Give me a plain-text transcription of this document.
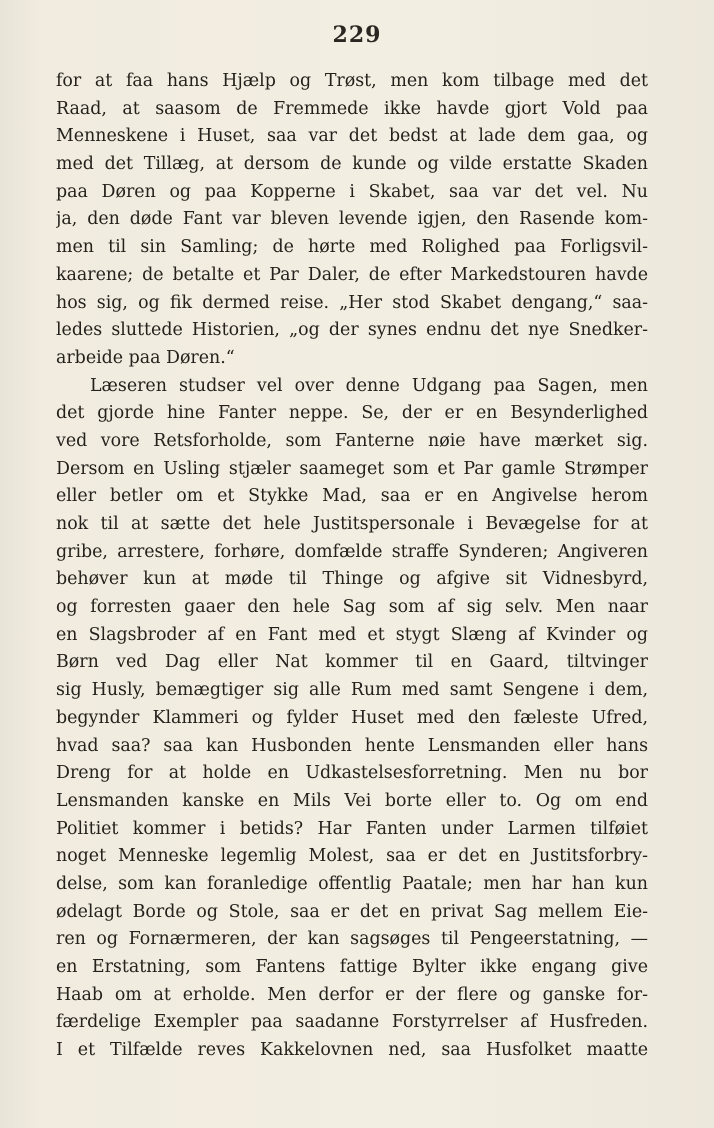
229
for at faa hans Hjælp og Trøst, men kom tilbage med det
Raad, at saasom de Fremmede ikke havde gjort Vold paa
Menneskene i Huset, saa var det bedst at lade dem gaa, og
med det Tillæg, at dersom de kunde og vilde erstatte Skaden
paa Døren og paa Kopperne i Skabet, saa var det vel. Nu
ja, den døde Fant var bleven levende igjen, den Rasende kom-
men til sin Samling; de hørte med Rolighed paa Forligsvil-
kaarene; de betalte et Par Daler, de efter Markedstouren havde
hos sig, og fik dermed reise. „Her stod Skabet dengang,“ saa-
ledes sluttede Historien, „og der synes endnu det nye Snedker-
arbeide paa Døren.“
Læseren studser vel over denne Udgang paa Sagen, men
det gjorde hine Fanter neppe. Se, der er en Besynderlighed
ved vore Retsforholde, som Fanterne nøie have mærket sig.
Dersom en Usling stjæler saameget som et Par gamle Strømper
eller betler om et Stykke Mad, saa er en Angivelse herom
nok til at sætte det hele Justitspersonale i Bevægelse for at
gribe, arrestere, forhøre, domfælde straffe Synderen; Angiveren
behøver kun at møde til Thinge og afgive sit Vidnesbyrd,
og forresten gaaer den hele Sag som af sig selv. Men naar
en Slagsbroder af en Fant med et stygt Slæng af Kvinder og
Børn ved Dag eller Nat kommer til en Gaard, tiltvinger
sig Husly, bemægtiger sig alle Rum med samt Sengene i dem,
begynder Klammeri og fylder Huset med den fæleste Ufred,
hvad saa? saa kan Husbonden hente Lensmanden eller hans
Dreng for at holde en Udkastelsesforretning. Men nu bor
Lensmanden kanske en Mils Vei borte eller to. Og om end
Politiet kommer i betids? Har Fanten under Larmen tilføiet
noget Menneske legemlig Molest, saa er det en Justitsforbry-
delse, som kan foranledige offentlig Paatale; men har han kun
ødelagt Borde og Stole, saa er det en privat Sag mellem Eie-
ren og Fornærmeren, der kan sagsøges til Pengeerstatning, —
en Erstatning, som Fantens fattige Bylter ikke engang give
Haab om at erholde. Men derfor er der flere og ganske for-
færdelige Exempler paa saadanne Forstyrrelser af Husfreden.
I et Tilfælde reves Kakkelovnen ned, saa Husfolket maatte
